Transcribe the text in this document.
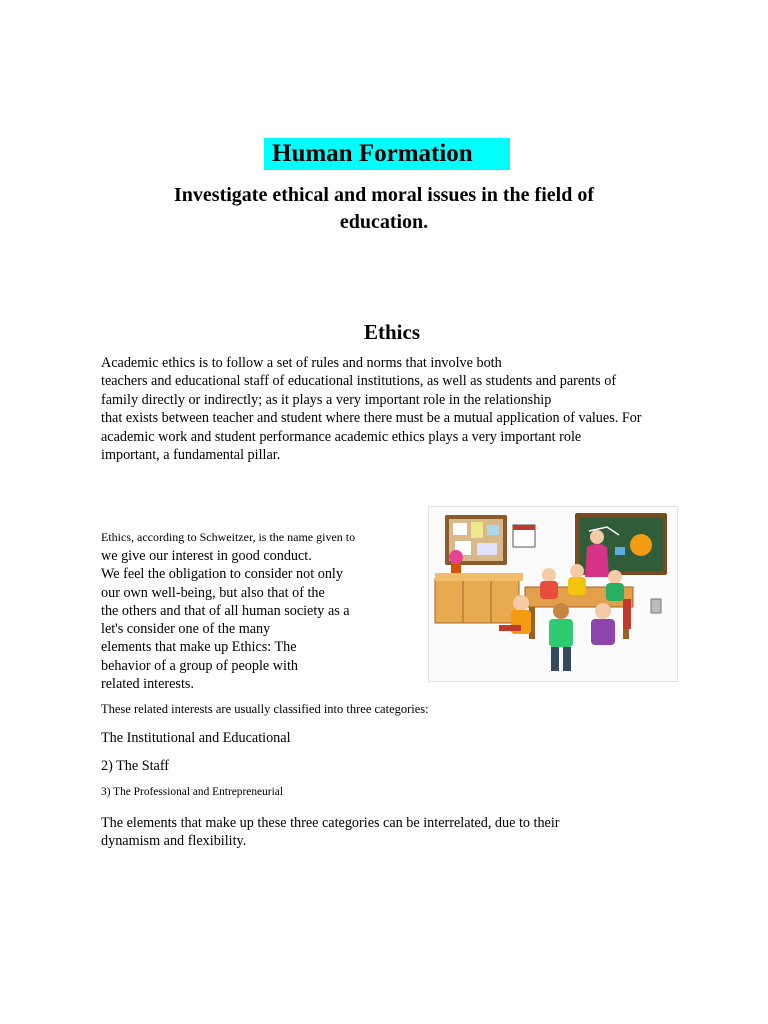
Human Formation
Investigate ethical and moral issues in the field of
education.
Ethics
Academic ethics is to follow a set of rules and norms that involve both
teachers and educational staff of educational institutions, as well as students and parents of
family directly or indirectly; as it plays a very important role in the relationship
that exists between teacher and student where there must be a mutual application of values. For
academic work and student performance academic ethics plays a very important role
important, a fundamental pillar.
Ethics, according to Schweitzer, is the name given to
we give our interest in good conduct.
We feel the obligation to consider not only
our own well-being, but also that of the
the others and that of all human society as a
let's consider one of the many
elements that make up Ethics: The
behavior of a group of people with
related interests.
These related interests are usually classified into three categories:
The Institutional and Educational
2) The Staff
3) The Professional and Entrepreneurial
The elements that make up these three categories can be interrelated, due to their
dynamism and flexibility.
